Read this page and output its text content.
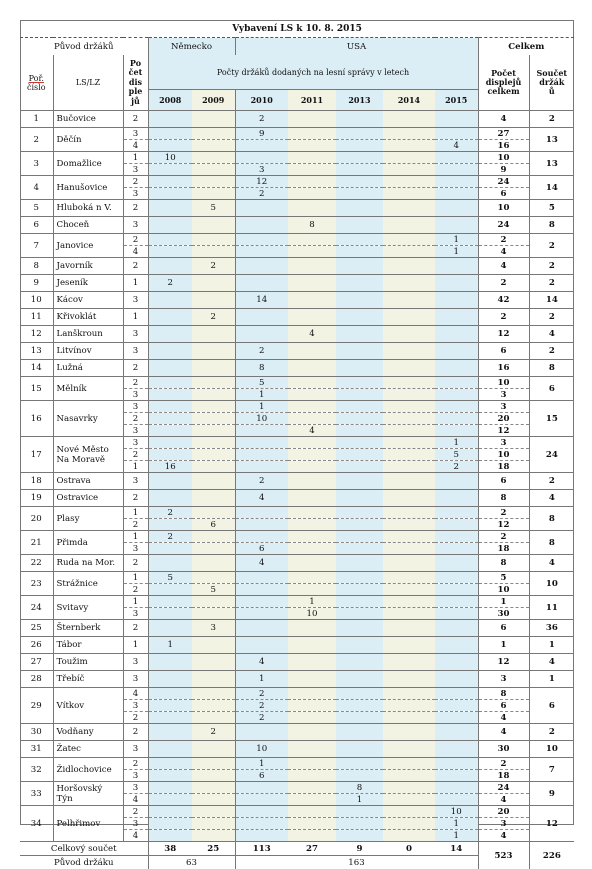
Vybavení LS k 10. 8. 2015											
Původ držáků			Německo		USA					Celkem	
Poř.
číslo	LS/LZ	Po
čet
dis
ple
jů	Počty držáků dodaných na lesní správy v letech							Počet
displejů
celkem	Součet
držák
ů
			2008	2009	2010	2011	2013	2014	2015		
1	Bučovice	2			2					4	2
2	Děčín	3			9					27	13
		4							4	16	
3	Domažlice	1	10							10	13
		3			3					9	
4	Hanušovice	2			12					24	14
		3			2					6	
5	Hluboká n V.	2		5						10	5
6	Choceň	3				8				24	8
7	Janovice	2							1	2	2
		4							1	4	
8	Javorník	2		2						4	2
9	Jeseník	1	2							2	2
10	Kácov	3			14					42	14
11	Křivoklát	1		2						2	2
12	Lanškroun	3				4				12	4
13	Litvínov	3			2					6	2
14	Lužná	2			8					16	8
15	Mělník	2			5					10	6
		3			1					3	
16	Nasavrky	3			1					3	15
		2			10					20	
		3				4				12	
17	Nové Město
Na Moravě	3							1	3	24
		2							5	10	
		1	16						2	18	
18	Ostrava	3			2					6	2
19	Ostravice	2			4					8	4
20	Plasy	1	2							2	8
		2		6						12	
21	Přimda	1	2							2	8
		3			6					18	
22	Ruda na Mor.	2			4					8	4
23	Strážnice	1	5							5	10
		2		5						10	
24	Svitavy	1				1				1	11
		3				10				30	
25	Šternberk	2		3						6	36
26	Tábor	1	1							1	1
27	Toužim	3			4					12	4
28	Třebíč	3			1					3	1
29	Vítkov	4			2					8	6
		3			2					6	
		2			2					4	
30	Vodňany	2		2						4	2
31	Žatec	3			10					30	10
32	Židlochovice	2			1					2	7
		3			6					18	
33	Horšovský
Týn	3					8			24	9
		4					1			4	
34	Pelhřimov	2							10	20	12
		3							1	3	
		4							1	4	
Celkový součet			38	25	113	27	9	0	14	523	226
Původ držáku			63		163						
